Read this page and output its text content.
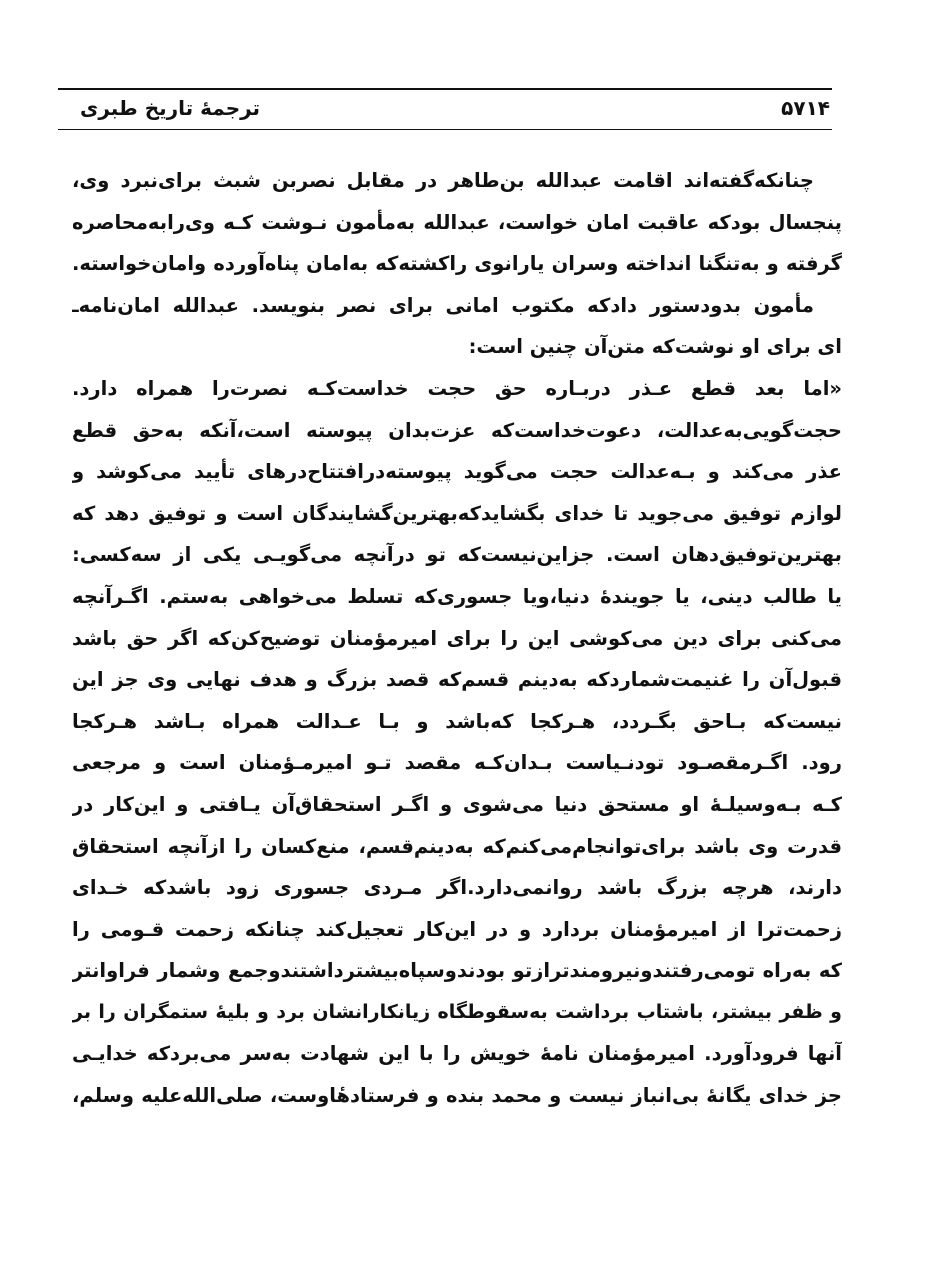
ترجمهٔ تاریخ طبری	۵۷۱۴
چنانکه‌گفته‌اند اقامت عبدالله بن‌طاهر در مقابل نصربن شبث برای‌نبرد وی،
پنجسال بودکه عاقبت امان خواست، عبدالله به‌مأمون نـوشت کـه وی‌رابه‌محاصره
گرفته و به‌تنگنا انداخته وسران یارانوی راکشته‌که به‌امان پناه‌آورده وامان‌خواسته.
مأمون بدودستور دادکه مکتوب امانی برای نصر بنویسد. عبدالله امان‌نامه‌ـ
ای برای او نوشت‌که متن‌آن چنین است:
«اما بعد قطع عـذر دربـاره حق حجت خداست‌کـه نصرت‌را همراه دارد.
حجت‌گویی‌به‌عدالت، دعوت‌خداست‌که عزت‌بدان پیوسته است،آنکه به‌حق قطع
عذر می‌کند و بـه‌عدالت حجت می‌گوید پیوسته‌درافتتاح‌درهای تأیید می‌کوشد و
لوازم توفیق می‌جوید تا خدای بگشایدکه‌بهترین‌گشایندگان است و توفیق دهد که
بهترین‌توفیق‌دهان است. جزاین‌نیست‌که تو درآنچه می‌گویـی یکی از سه‌کسی:
یا طالب دینی، یا جویندهٔ دنیا،ویا جسوری‌که تسلط می‌خواهی به‌ستم. اگـرآنچه
می‌کنی برای دین می‌کوشی این را برای امیرمؤمنان توضیح‌کن‌که اگر حق باشد
قبول‌آن را غنیمت‌شماردکه به‌دینم قسم‌که قصد بزرگ و هدف نهایی وی جز این
نیست‌که بـاحق بگـردد، هـرکجا که‌باشد و بـا عـدالت همراه بـاشد هـرکجا
رود. اگـرمقصـود تودنـیاست بـدان‌کـه مقصد تـو امیرمـؤمنان است و مرجعی
کـه بـه‌وسیلـهٔ او مستحق دنیا می‌شوی و اگـر استحقاق‌آن یـافتی و این‌کار در
قدرت وی باشد برای‌توانجام‌می‌کنم‌که به‌دینم‌قسم، منع‌کسان را ازآنچه استحقاق
دارند، هرچه بزرگ باشد روانمی‌دارد.اگر مـردی جسوری زود باشدکه خـدای
زحمت‌ترا از امیرمؤمنان بردارد و در این‌کار تعجیل‌کند چنانکه زحمت قـومی را
که به‌راه تومی‌رفتندونیرومندترازتو بودندوسپاه‌بیشترداشتندوجمع وشمار فراوانتر
و ظفر بیشتر، باشتاب برداشت به‌سقوطگاه زیانکارانشان برد و بلیهٔ ستمگران را بر
آنها فرودآورد. امیرمؤمنان نامهٔ خویش را با این شهادت به‌سر می‌بردکه خدایـی
جز خدای یگانهٔ بی‌انباز نیست و محمد بنده و فرستادهٔاوست، صلی‌الله‌علیه وسلم،
